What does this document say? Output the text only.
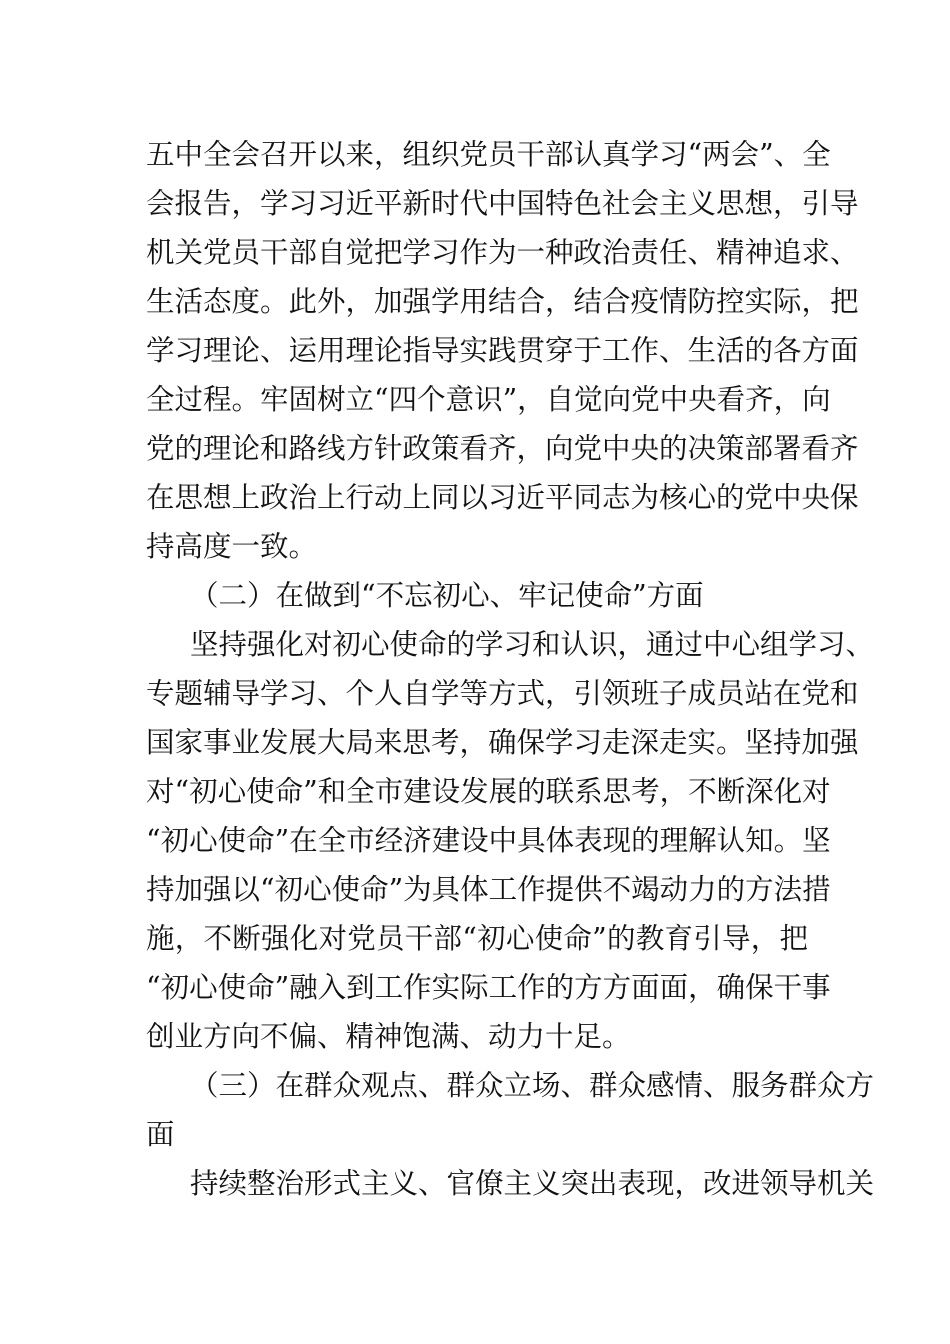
五中全会召开以来，组织党员干部认真学习“两会”、全
会报告，学习习近平新时代中国特色社会主义思想，引导
机关党员干部自觉把学习作为一种政治责任、精神追求、
生活态度。此外，加强学用结合，结合疫情防控实际，把
学习理论、运用理论指导实践贯穿于工作、生活的各方面
全过程。牢固树立“四个意识”，自觉向党中央看齐，向
党的理论和路线方针政策看齐，向党中央的决策部署看齐
在思想上政治上行动上同以习近平同志为核心的党中央保
持高度一致。
（二）在做到“不忘初心、牢记使命”方面
坚持强化对初心使命的学习和认识，通过中心组学习、
专题辅导学习、个人自学等方式，引领班子成员站在党和
国家事业发展大局来思考，确保学习走深走实。坚持加强
对“初心使命”和全市建设发展的联系思考，不断深化对
“初心使命”在全市经济建设中具体表现的理解认知。坚
持加强以“初心使命”为具体工作提供不竭动力的方法措
施，不断强化对党员干部“初心使命”的教育引导，把
“初心使命”融入到工作实际工作的方方面面，确保干事
创业方向不偏、精神饱满、动力十足。
（三）在群众观点、群众立场、群众感情、服务群众方
面
持续整治形式主义、官僚主义突出表现，改进领导机关
